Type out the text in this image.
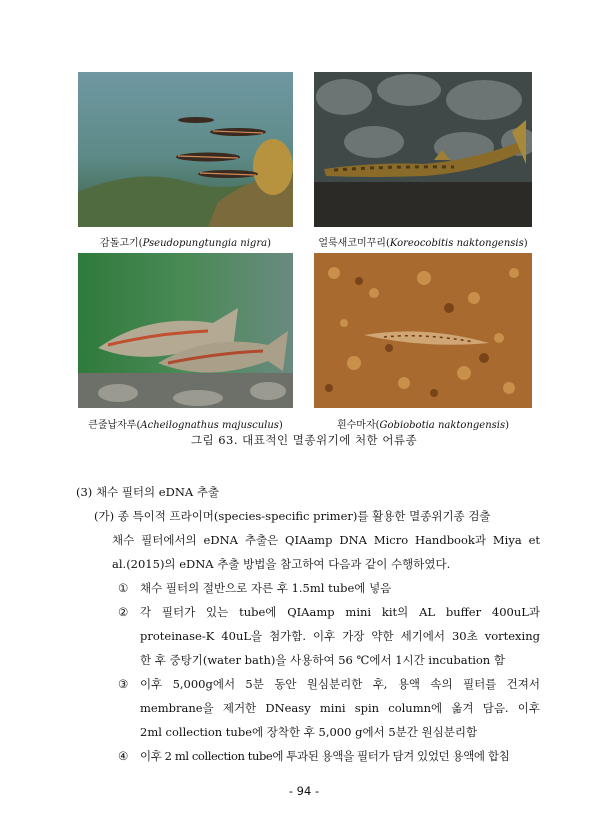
감돌고기(Pseudopungtungia nigra)	얼룩새코미꾸리(Koreocobitis naktongensis)
큰줄납자루(Acheilognathus majusculus)	흰수마자(Gobiobotia naktongensis)
그림 63. 대표적인 멸종위기에 처한 어류종
(3) 채수 필터의 eDNA 추출
(가) 종 특이적 프라이머(species-specific primer)를 활용한 멸종위기종 검출
채수 필터에서의 eDNA 추출은 QIAamp DNA Micro Handbook과 Miya et
al.(2015)의 eDNA 추출 방법을 참고하여 다음과 같이 수행하였다.
① 채수 필터의 절반으로 자른 후 1.5ml tube에 넣음
② 각 필터가 있는 tube에 QIAamp mini kit의 AL buffer 400uL과
proteinase-K 40uL을 첨가함. 이후 가장 약한 세기에서 30초 vortexing
한 후 중탕기(water bath)을 사용하여 56 ℃에서 1시간 incubation 함
③ 이후 5,000g에서 5분 동안 원심분리한 후, 용액 속의 필터를 건져서
membrane을 제거한 DNeasy mini spin column에 옮겨 담음. 이후
2ml collection tube에 장착한 후 5,000 g에서 5분간 원심분리함
④ 이후 2 ml collection tube에 투과된 용액을 필터가 담겨 있었던 용액에 합침
- 94 -
